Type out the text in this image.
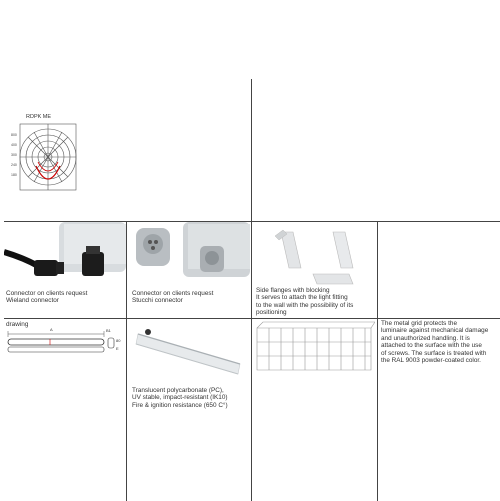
RDPK ME
800
400
300
240
180
Connector on clients request
Wieland connector
Connector on clients request
Stucchi connector
Side flanges with blocking
It serves to attach the light fitting
to the wall with the possibility of its
positioning
drawing
A	B1
80
E
Translucent polycarbonate (PC),
UV stable, impact-resistant (IK10)
Fire & ignition resistance (650 C°)
The metal grid protects the
luminaire against mechanical damage
and unauthorized handling. It is
attached to the surface with the use
of screws. The surface is treated with
the RAL 9003 powder-coated color.
